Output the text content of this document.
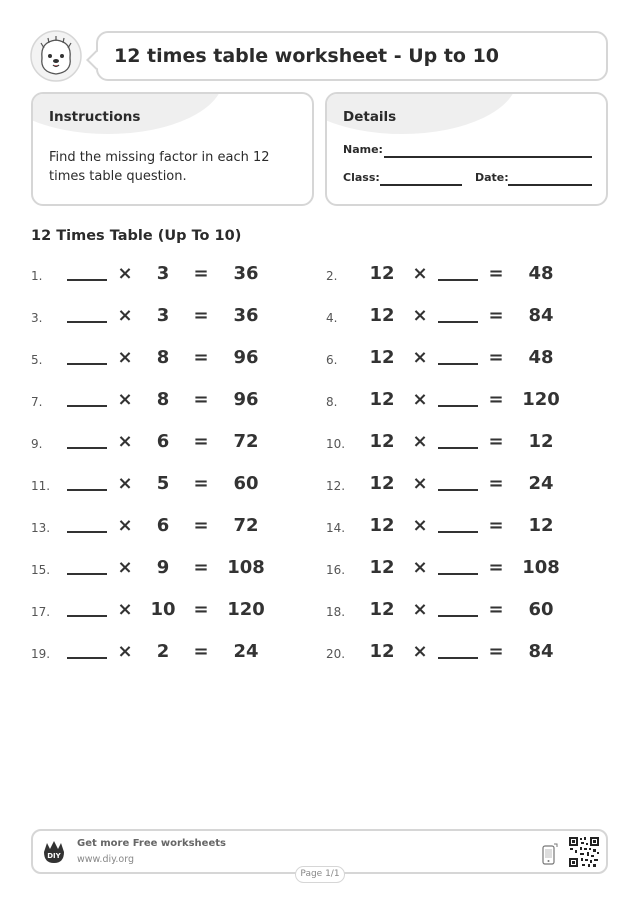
12 times table worksheet - Up to 10
Instructions
Find the missing factor in each 12 times table question.
Details
Name:
Class:	Date:
12 Times Table (Up To 10)
1.	×	3	=	36
3.	×	3	=	36
5.	×	8	=	96
7.	×	8	=	96
9.	×	6	=	72
11.	×	5	=	60
13.	×	6	=	72
15.	×	9	= 108
17.	× 10 = 120
19.	×	2	=	24
2. 12 ×	=	48
4. 12 ×	=	84
6. 12 ×	=	48
8. 12 ×	= 120
10. 12 ×	=	12
12. 12 ×	=	24
14. 12 ×	=	12
16. 12 ×	= 108
18. 12 ×	=	60
20. 12 ×	=	84
DIY
Get more Free worksheets
www.diy.org
Page 1/1
